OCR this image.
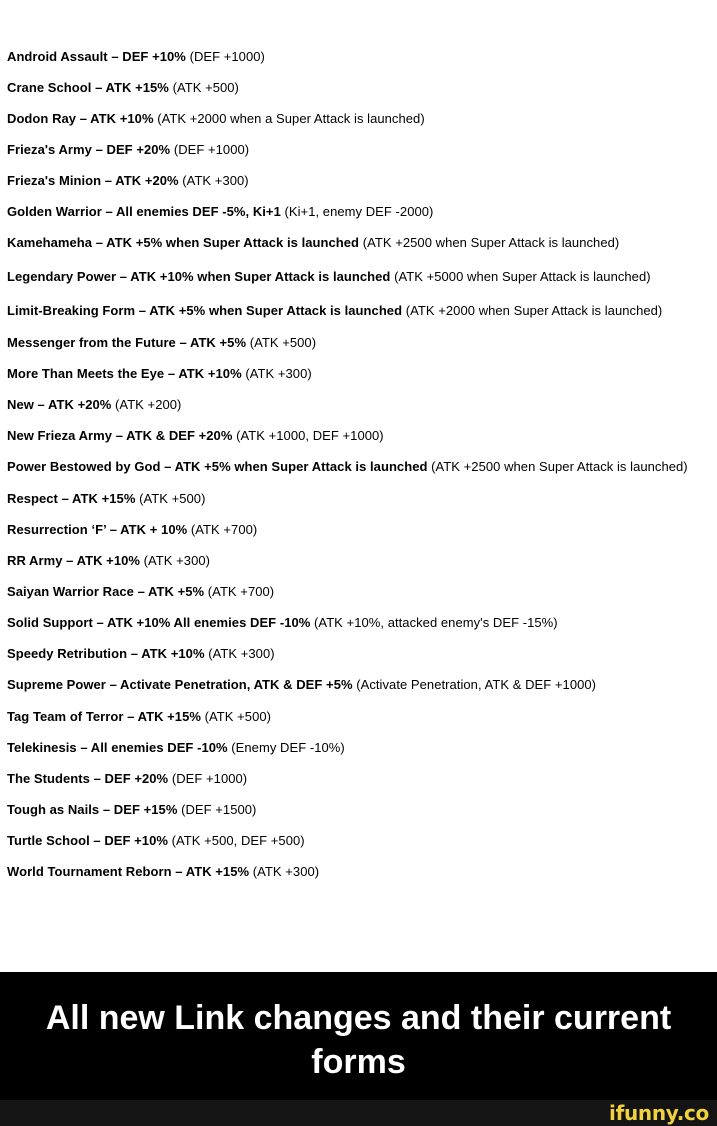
Android Assault – DEF +10% (DEF +1000)

Crane School – ATK +15% (ATK +500)

Dodon Ray – ATK +10% (ATK +2000 when a Super Attack is launched)

Frieza's Army – DEF +20% (DEF +1000)

Frieza's Minion – ATK +20% (ATK +300)

Golden Warrior – All enemies DEF -5%, Ki+1 (Ki+1, enemy DEF -2000)

Kamehameha – ATK +5% when Super Attack is launched (ATK +2500 when Super Attack is launched)

Legendary Power – ATK +10% when Super Attack is launched (ATK +5000 when Super Attack is launched)

Limit-Breaking Form – ATK +5% when Super Attack is launched (ATK +2000 when Super Attack is launched)

Messenger from the Future – ATK +5% (ATK +500)

More Than Meets the Eye – ATK +10% (ATK +300)

New – ATK +20% (ATK +200)

New Frieza Army – ATK & DEF +20% (ATK +1000, DEF +1000)

Power Bestowed by God – ATK +5% when Super Attack is launched (ATK +2500 when Super Attack is launched)

Respect – ATK +15% (ATK +500)

Resurrection ‘F’ – ATK + 10% (ATK +700)

RR Army – ATK +10% (ATK +300)

Saiyan Warrior Race – ATK +5% (ATK +700)

Solid Support – ATK +10% All enemies DEF -10% (ATK +10%, attacked enemy's DEF -15%)

Speedy Retribution – ATK +10% (ATK +300)

Supreme Power – Activate Penetration, ATK & DEF +5% (Activate Penetration, ATK & DEF +1000)

Tag Team of Terror – ATK +15% (ATK +500)

Telekinesis – All enemies DEF -10% (Enemy DEF -10%)

The Students – DEF +20% (DEF +1000)

Tough as Nails – DEF +15% (DEF +1500)

Turtle School – DEF +10% (ATK +500, DEF +500)

World Tournament Reborn – ATK +15% (ATK +300)

All new Link changes and their current forms
ifunny.co
